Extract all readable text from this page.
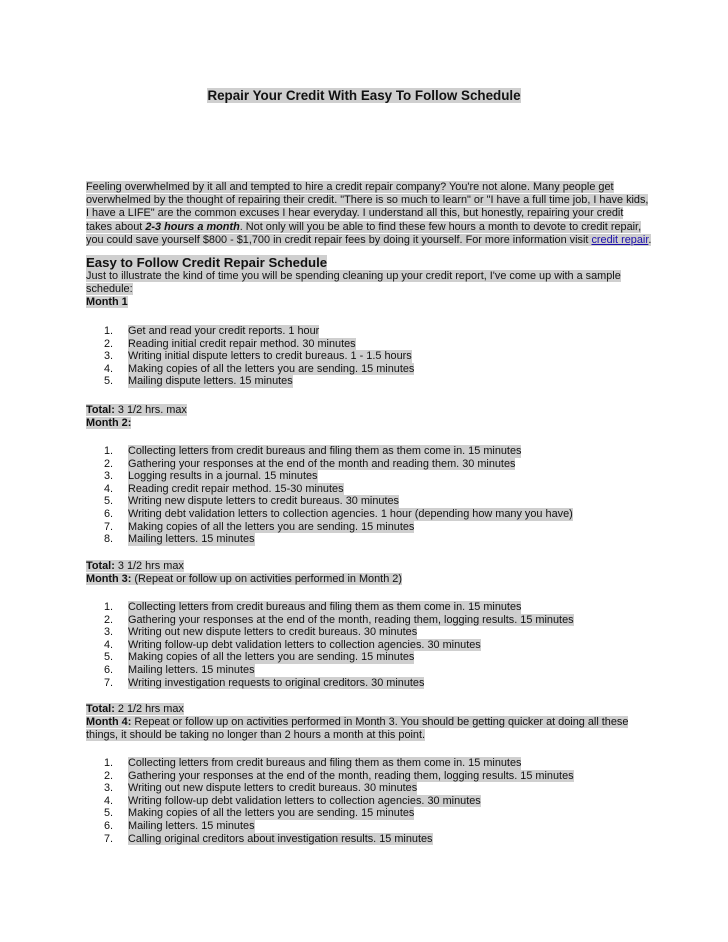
Repair Your Credit With Easy To Follow Schedule
Feeling overwhelmed by it all and tempted to hire a credit repair company? You're not alone. Many people get
overwhelmed by the thought of repairing their credit. "There is so much to learn" or "I have a full time job, I have kids,
I have a LIFE" are the common excuses I hear everyday. I understand all this, but honestly, repairing your credit
takes about 2-3 hours a month. Not only will you be able to find these few hours a month to devote to credit repair,
you could save yourself $800 - $1,700 in credit repair fees by doing it yourself. For more information visit credit repair.
Easy to Follow Credit Repair Schedule
Just to illustrate the kind of time you will be spending cleaning up your credit report, I've come up with a sample
schedule:
Month 1
1. Get and read your credit reports. 1 hour
2. Reading initial credit repair method. 30 minutes
3. Writing initial dispute letters to credit bureaus. 1 - 1.5 hours
4. Making copies of all the letters you are sending. 15 minutes
5. Mailing dispute letters. 15 minutes
Total: 3 1/2 hrs. max
Month 2:
1. Collecting letters from credit bureaus and filing them as them come in. 15 minutes
2. Gathering your responses at the end of the month and reading them. 30 minutes
3. Logging results in a journal. 15 minutes
4. Reading credit repair method. 15-30 minutes
5. Writing new dispute letters to credit bureaus. 30 minutes
6. Writing debt validation letters to collection agencies. 1 hour (depending how many you have)
7. Making copies of all the letters you are sending. 15 minutes
8. Mailing letters. 15 minutes
Total: 3 1/2 hrs max
Month 3: (Repeat or follow up on activities performed in Month 2)
1. Collecting letters from credit bureaus and filing them as them come in. 15 minutes
2. Gathering your responses at the end of the month, reading them, logging results. 15 minutes
3. Writing out new dispute letters to credit bureaus. 30 minutes
4. Writing follow-up debt validation letters to collection agencies. 30 minutes
5. Making copies of all the letters you are sending. 15 minutes
6. Mailing letters. 15 minutes
7. Writing investigation requests to original creditors. 30 minutes
Total: 2 1/2 hrs max
Month 4: Repeat or follow up on activities performed in Month 3. You should be getting quicker at doing all these
things, it should be taking no longer than 2 hours a month at this point.
1. Collecting letters from credit bureaus and filing them as them come in. 15 minutes
2. Gathering your responses at the end of the month, reading them, logging results. 15 minutes
3. Writing out new dispute letters to credit bureaus. 30 minutes
4. Writing follow-up debt validation letters to collection agencies. 30 minutes
5. Making copies of all the letters you are sending. 15 minutes
6. Mailing letters. 15 minutes
7. Calling original creditors about investigation results. 15 minutes
